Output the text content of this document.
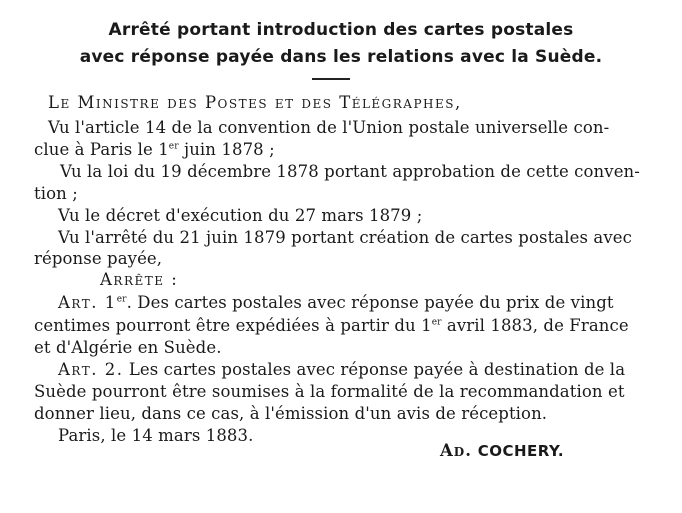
Arrêté portant introduction des cartes postales
avec réponse payée dans les relations avec la Suède.
Le Ministre des Postes et des Télégraphes,
Vu l'article 14 de la convention de l'Union postale universelle con-
clue à Paris le 1er juin 1878 ;
Vu la loi du 19 décembre 1878 portant approbation de cette conven-
tion ;
Vu le décret d'exécution du 27 mars 1879 ;
Vu l'arrêté du 21 juin 1879 portant création de cartes postales avec
réponse payée,
Arrête :
Art. 1er. Des cartes postales avec réponse payée du prix de vingt
centimes pourront être expédiées à partir du 1er avril 1883, de France
et d'Algérie en Suède.
Art. 2. Les cartes postales avec réponse payée à destination de la
Suède pourront être soumises à la formalité de la recommandation et
donner lieu, dans ce cas, à l'émission d'un avis de réception.
Paris, le 14 mars 1883.
Ad. COCHERY.
